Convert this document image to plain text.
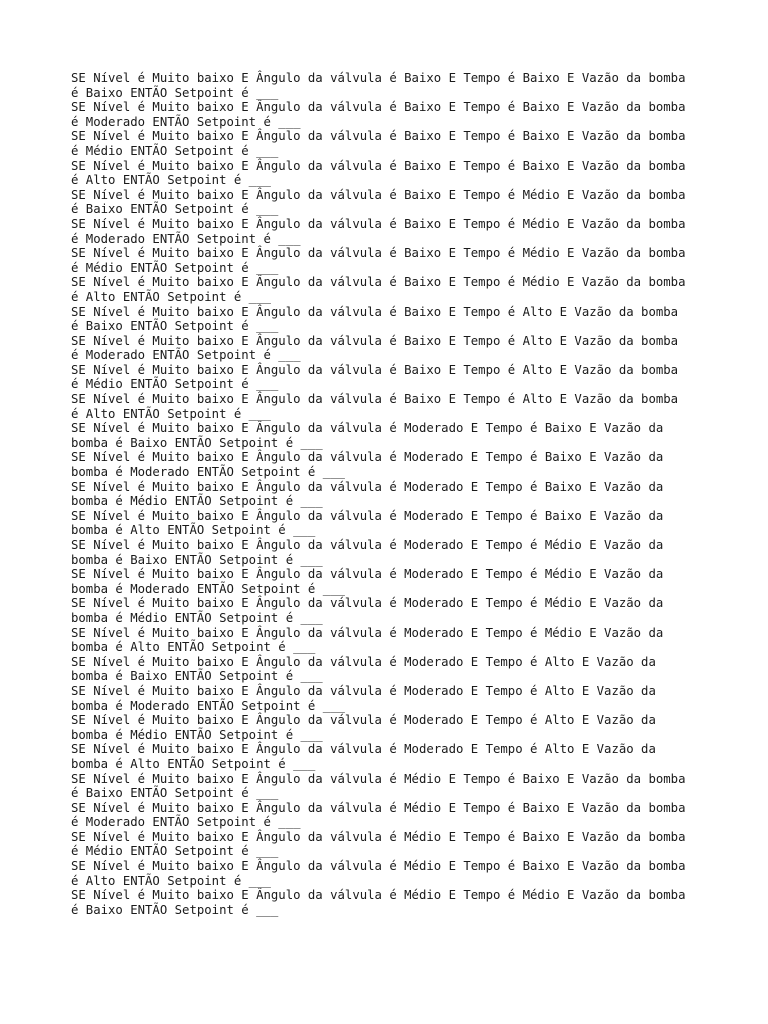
SE Nível é Muito baixo E Ângulo da válvula é Baixo E Tempo é Baixo E Vazão da bomba
é Baixo ENTÃO Setpoint é ___
SE Nível é Muito baixo E Ângulo da válvula é Baixo E Tempo é Baixo E Vazão da bomba
é Moderado ENTÃO Setpoint é ___
SE Nível é Muito baixo E Ângulo da válvula é Baixo E Tempo é Baixo E Vazão da bomba
é Médio ENTÃO Setpoint é ___
SE Nível é Muito baixo E Ângulo da válvula é Baixo E Tempo é Baixo E Vazão da bomba
é Alto ENTÃO Setpoint é ___
SE Nível é Muito baixo E Ângulo da válvula é Baixo E Tempo é Médio E Vazão da bomba
é Baixo ENTÃO Setpoint é ___
SE Nível é Muito baixo E Ângulo da válvula é Baixo E Tempo é Médio E Vazão da bomba
é Moderado ENTÃO Setpoint é ___
SE Nível é Muito baixo E Ângulo da válvula é Baixo E Tempo é Médio E Vazão da bomba
é Médio ENTÃO Setpoint é ___
SE Nível é Muito baixo E Ângulo da válvula é Baixo E Tempo é Médio E Vazão da bomba
é Alto ENTÃO Setpoint é ___
SE Nível é Muito baixo E Ângulo da válvula é Baixo E Tempo é Alto E Vazão da bomba
é Baixo ENTÃO Setpoint é ___
SE Nível é Muito baixo E Ângulo da válvula é Baixo E Tempo é Alto E Vazão da bomba
é Moderado ENTÃO Setpoint é ___
SE Nível é Muito baixo E Ângulo da válvula é Baixo E Tempo é Alto E Vazão da bomba
é Médio ENTÃO Setpoint é ___
SE Nível é Muito baixo E Ângulo da válvula é Baixo E Tempo é Alto E Vazão da bomba
é Alto ENTÃO Setpoint é ___
SE Nível é Muito baixo E Ângulo da válvula é Moderado E Tempo é Baixo E Vazão da
bomba é Baixo ENTÃO Setpoint é ___
SE Nível é Muito baixo E Ângulo da válvula é Moderado E Tempo é Baixo E Vazão da
bomba é Moderado ENTÃO Setpoint é ___
SE Nível é Muito baixo E Ângulo da válvula é Moderado E Tempo é Baixo E Vazão da
bomba é Médio ENTÃO Setpoint é ___
SE Nível é Muito baixo E Ângulo da válvula é Moderado E Tempo é Baixo E Vazão da
bomba é Alto ENTÃO Setpoint é ___
SE Nível é Muito baixo E Ângulo da válvula é Moderado E Tempo é Médio E Vazão da
bomba é Baixo ENTÃO Setpoint é ___
SE Nível é Muito baixo E Ângulo da válvula é Moderado E Tempo é Médio E Vazão da
bomba é Moderado ENTÃO Setpoint é ___
SE Nível é Muito baixo E Ângulo da válvula é Moderado E Tempo é Médio E Vazão da
bomba é Médio ENTÃO Setpoint é ___
SE Nível é Muito baixo E Ângulo da válvula é Moderado E Tempo é Médio E Vazão da
bomba é Alto ENTÃO Setpoint é ___
SE Nível é Muito baixo E Ângulo da válvula é Moderado E Tempo é Alto E Vazão da
bomba é Baixo ENTÃO Setpoint é ___
SE Nível é Muito baixo E Ângulo da válvula é Moderado E Tempo é Alto E Vazão da
bomba é Moderado ENTÃO Setpoint é ___
SE Nível é Muito baixo E Ângulo da válvula é Moderado E Tempo é Alto E Vazão da
bomba é Médio ENTÃO Setpoint é ___
SE Nível é Muito baixo E Ângulo da válvula é Moderado E Tempo é Alto E Vazão da
bomba é Alto ENTÃO Setpoint é ___
SE Nível é Muito baixo E Ângulo da válvula é Médio E Tempo é Baixo E Vazão da bomba
é Baixo ENTÃO Setpoint é ___
SE Nível é Muito baixo E Ângulo da válvula é Médio E Tempo é Baixo E Vazão da bomba
é Moderado ENTÃO Setpoint é ___
SE Nível é Muito baixo E Ângulo da válvula é Médio E Tempo é Baixo E Vazão da bomba
é Médio ENTÃO Setpoint é ___
SE Nível é Muito baixo E Ângulo da válvula é Médio E Tempo é Baixo E Vazão da bomba
é Alto ENTÃO Setpoint é ___
SE Nível é Muito baixo E Ângulo da válvula é Médio E Tempo é Médio E Vazão da bomba
é Baixo ENTÃO Setpoint é ___
